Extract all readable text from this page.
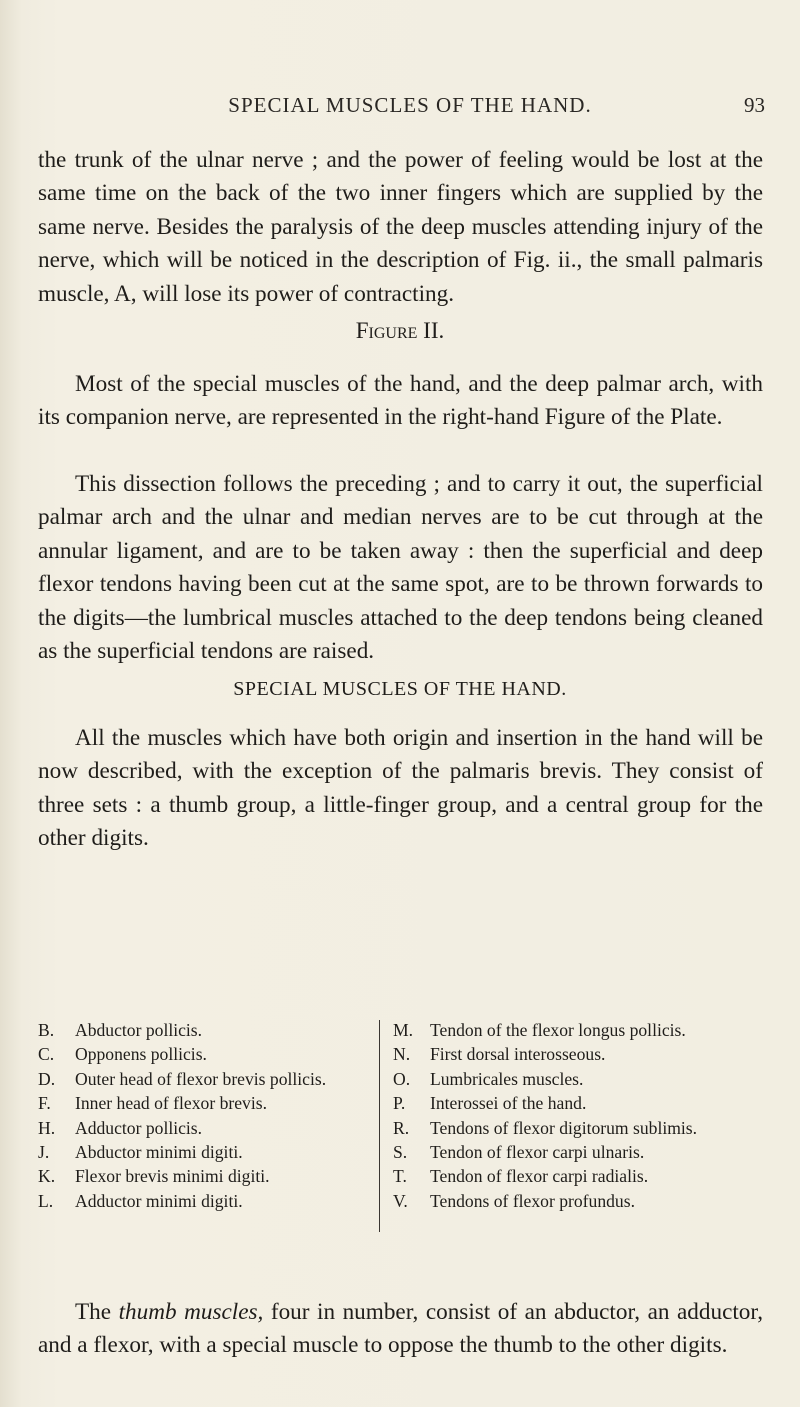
SPECIAL MUSCLES OF THE HAND.	93

the trunk of the ulnar nerve ; and the power of feeling would be lost at the same time on the back of the two inner fingers which are supplied by the same nerve. Besides the paralysis of the deep muscles attending injury of the nerve, which will be noticed in the description of Fig. ii., the small palmaris muscle, A, will lose its power of contracting.

Figure II.

Most of the special muscles of the hand, and the deep palmar arch, with its companion nerve, are represented in the right-hand Figure of the Plate.

This dissection follows the preceding ; and to carry it out, the superficial palmar arch and the ulnar and median nerves are to be cut through at the annular ligament, and are to be taken away : then the superficial and deep flexor tendons having been cut at the same spot, are to be thrown forwards to the digits—the lumbrical muscles attached to the deep tendons being cleaned as the superficial tendons are raised.

SPECIAL MUSCLES OF THE HAND.

All the muscles which have both origin and insertion in the hand will be now described, with the exception of the palmaris brevis. They consist of three sets : a thumb group, a little-finger group, and a central group for the other digits.

B. Abductor pollicis.
C. Opponens pollicis.
D. Outer head of flexor brevis pollicis.
F. Inner head of flexor brevis.
H. Adductor pollicis.
J. Abductor minimi digiti.
K. Flexor brevis minimi digiti.
L. Adductor minimi digiti.
M. Tendon of the flexor longus pollicis.
N. First dorsal interosseous.
O. Lumbricales muscles.
P. Interossei of the hand.
R. Tendons of flexor digitorum sublimis.
S. Tendon of flexor carpi ulnaris.
T. Tendon of flexor carpi radialis.
V. Tendons of flexor profundus.

The thumb muscles, four in number, consist of an abductor, an adductor, and a flexor, with a special muscle to oppose the thumb to the other digits.
